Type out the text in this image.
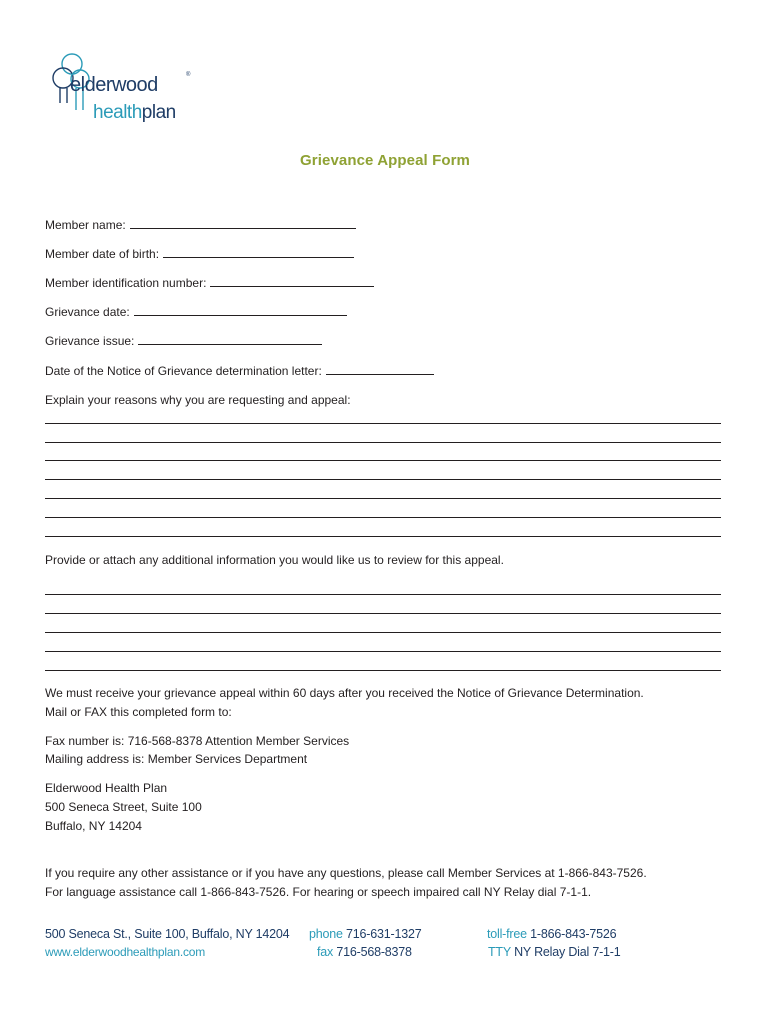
elderwood	®
healthplan
Grievance Appeal Form
Member name:
Member date of birth:
Member identification number:
Grievance date:
Grievance issue:
Date of the Notice of Grievance determination letter:
Explain your reasons why you are requesting and appeal:
Provide or attach any additional information you would like us to review for this appeal.
We must receive your grievance appeal within 60 days after you received the Notice of Grievance Determination.
Mail or FAX this completed form to:
Fax number is: 716-568-8378 Attention Member Services
Mailing address is: Member Services Department
Elderwood Health Plan
500 Seneca Street, Suite 100
Buffalo, NY 14204
If you require any other assistance or if you have any questions, please call Member Services at 1-866-843-7526.
For language assistance call 1-866-843-7526. For hearing or speech impaired call NY Relay dial 7-1-1.
500 Seneca St., Suite 100, Buffalo, NY 14204
www.elderwoodhealthplan.com
phone 716-631-1327
fax 716-568-8378
toll-free 1-866-843-7526
TTY NY Relay Dial 7-1-1
